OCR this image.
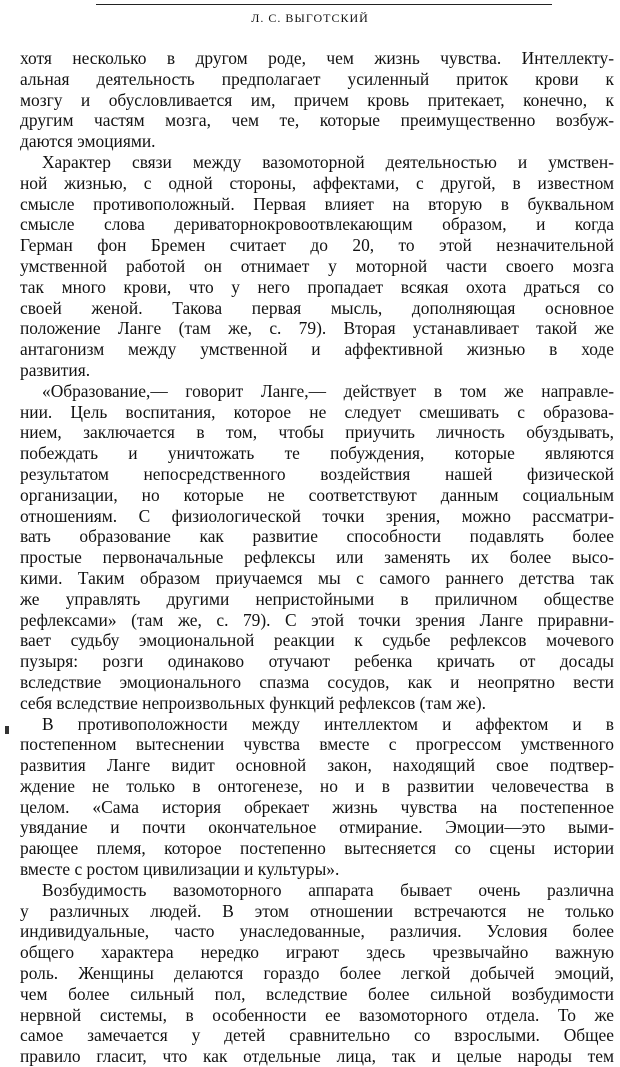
Л. С. ВЫГОТСКИЙ
хотя несколько в другом роде, чем жизнь чувства. Интеллекту-
альная деятельность предполагает усиленный приток крови к
мозгу и обусловливается им, причем кровь притекает, конечно, к
другим частям мозга, чем те, которые преимущественно возбуж-
даются эмоциями.
Характер связи между вазомоторной деятельностью и умствен-
ной жизнью, с одной стороны, аффектами, с другой, в известном
смысле противоположный. Первая влияет на вторую в буквальном
смысле слова дериваторнокровоотвлекающим образом, и когда
Герман фон Бремен считает до 20, то этой незначительной
умственной работой он отнимает у моторной части своего мозга
так много крови, что у него пропадает всякая охота драться со
своей женой. Такова первая мысль, дополняющая основное
положение Ланге (там же, с. 79). Вторая устанавливает такой же
антагонизм между умственной и аффективной жизнью в ходе
развития.
«Образование,— говорит Ланге,— действует в том же направле-
нии. Цель воспитания, которое не следует смешивать с образова-
нием, заключается в том, чтобы приучить личность обуздывать,
побеждать и уничтожать те побуждения, которые являются
результатом непосредственного воздействия нашей физической
организации, но которые не соответствуют данным социальным
отношениям. С физиологической точки зрения, можно рассматри-
вать образование как развитие способности подавлять более
простые первоначальные рефлексы или заменять их более высо-
кими. Таким образом приучаемся мы с самого раннего детства так
же управлять другими непристойными в приличном обществе
рефлексами» (там же, с. 79). С этой точки зрения Ланге приравни-
вает судьбу эмоциональной реакции к судьбе рефлексов мочевого
пузыря: розги одинаково отучают ребенка кричать от досады
вследствие эмоционального спазма сосудов, как и неопрятно вести
себя вследствие непроизвольных функций рефлексов (там же).
В противоположности между интеллектом и аффектом и в
постепенном вытеснении чувства вместе с прогрессом умственного
развития Ланге видит основной закон, находящий свое подтвер-
ждение не только в онтогенезе, но и в развитии человечества в
целом. «Сама история обрекает жизнь чувства на постепенное
увядание и почти окончательное отмирание. Эмоции—это выми-
рающее племя, которое постепенно вытесняется со сцены истории
вместе с ростом цивилизации и культуры».
Возбудимость вазомоторного аппарата бывает очень различна
у различных людей. В этом отношении встречаются не только
индивидуальные, часто унаследованные, различия. Условия более
общего характера нередко играют здесь чрезвычайно важную
роль. Женщины делаются гораздо более легкой добычей эмоций,
чем более сильный пол, вследствие более сильной возбудимости
нервной системы, в особенности ее вазомоторного отдела. То же
самое замечается у детей сравнительно со взрослыми. Общее
правило гласит, что как отдельные лица, так и целые народы тем
